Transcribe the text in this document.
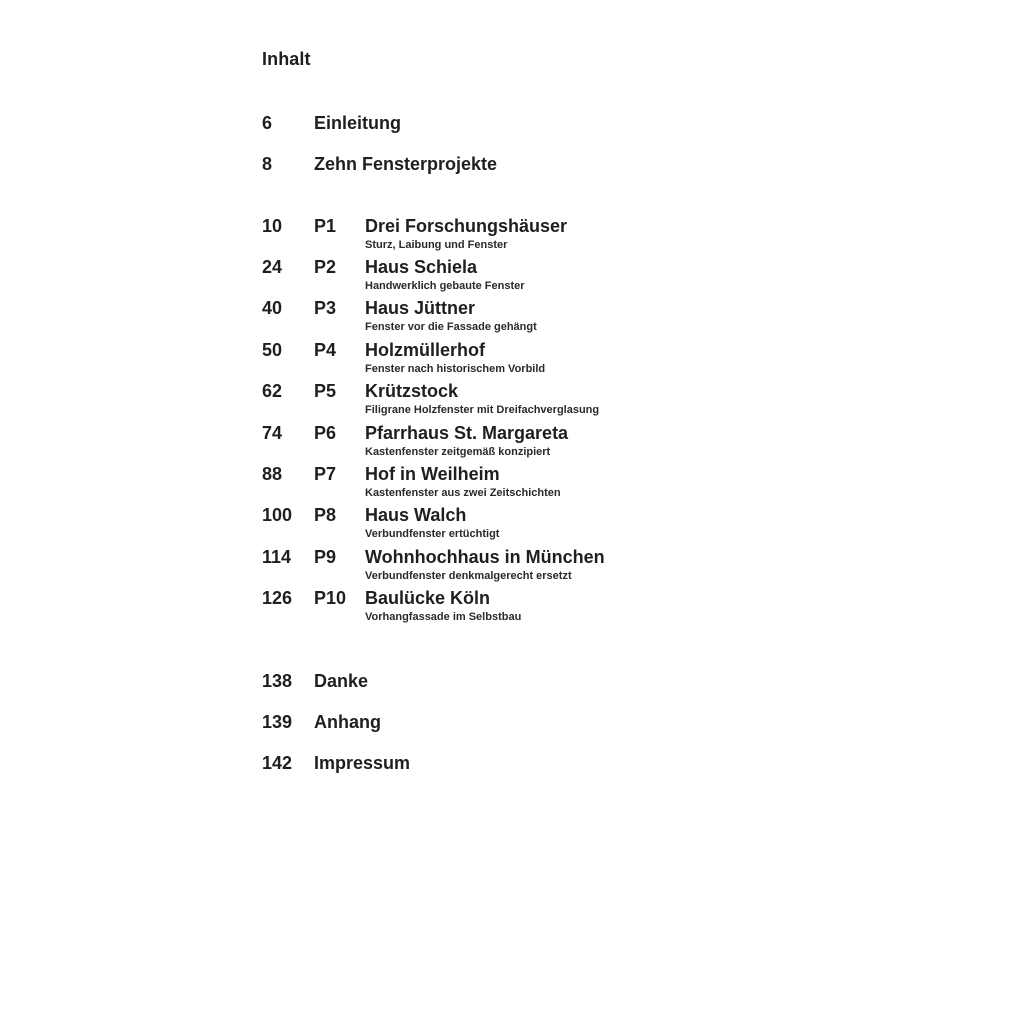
Inhalt
6 Einleitung
8 Zehn Fensterprojekte
10 P1 Drei Forschungshäuser
Sturz, Laibung und Fenster
24 P2 Haus Schiela
Handwerklich gebaute Fenster
40 P3 Haus Jüttner
Fenster vor die Fassade gehängt
50 P4 Holzmüllerhof
Fenster nach historischem Vorbild
62 P5 Krützstock
Filigrane Holzfenster mit Dreifachverglasung
74 P6 Pfarrhaus St. Margareta
Kastenfenster zeitgemäß konzipiert
88 P7 Hof in Weilheim
Kastenfenster aus zwei Zeitschichten
100 P8 Haus Walch
Verbundfenster ertüchtigt
114 P9 Wohnhochhaus in München
Verbundfenster denkmalgerecht ersetzt
126 P10 Baulücke Köln
Vorhangfassade im Selbstbau
138 Danke
139 Anhang
142 Impressum
